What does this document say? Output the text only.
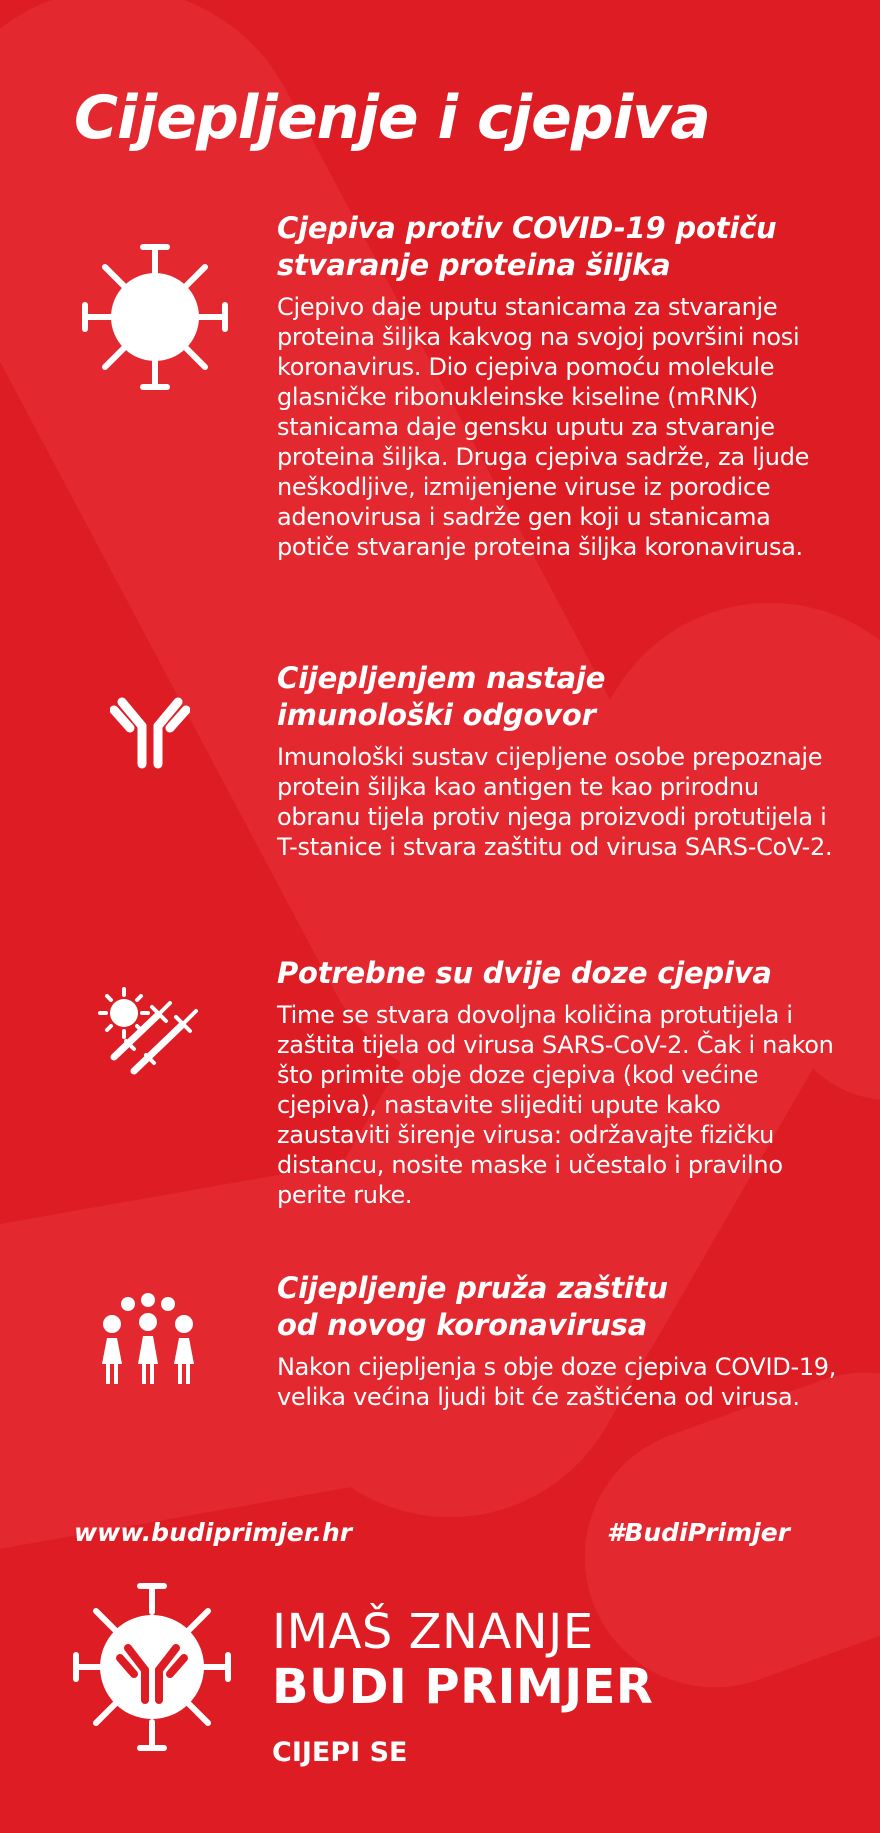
Cijepljenje i cjepiva
Cjepiva protiv COVID-19 potiču
stvaranje proteina šiljka

Cjepivo daje uputu stanicama za stvaranje proteina šiljka kakvog na svojoj površini nosi koronavirus. Dio cjepiva pomoću molekule glasničke ribonukleinske kiseline (mRNK) stanicama daje gensku uputu za stvaranje proteina šiljka. Druga cjepiva sadrže, za ljude neškodljive, izmijenjene viruse iz porodice adenovirusa i sadrže gen koji u stanicama potiče stvaranje proteina šiljka koronavirusa.

Cijepljenjem nastaje
imunološki odgovor

Imunološki sustav cijepljene osobe prepoznaje protein šiljka kao antigen te kao prirodnu obranu tijela protiv njega proizvodi protutijela i T-stanice i stvara zaštitu od virusa SARS-CoV-2.

Potrebne su dvije doze cjepiva

Time se stvara dovoljna količina protutijela i zaštita tijela od virusa SARS-CoV-2. Čak i nakon što primite obje doze cjepiva (kod većine cjepiva), nastavite slijediti upute kako zaustaviti širenje virusa: održavajte fizičku distancu, nosite maske i učestalo i pravilno perite ruke.

Cijepljenje pruža zaštitu
od novog koronavirusa

Nakon cijepljenja s obje doze cjepiva COVID-19, velika većina ljudi bit će zaštićena od virusa.

www.budiprimjer.hr	#BudiPrimjer
IMAŠ ZNANJE
BUDI PRIMJER
CIJEPI SE
